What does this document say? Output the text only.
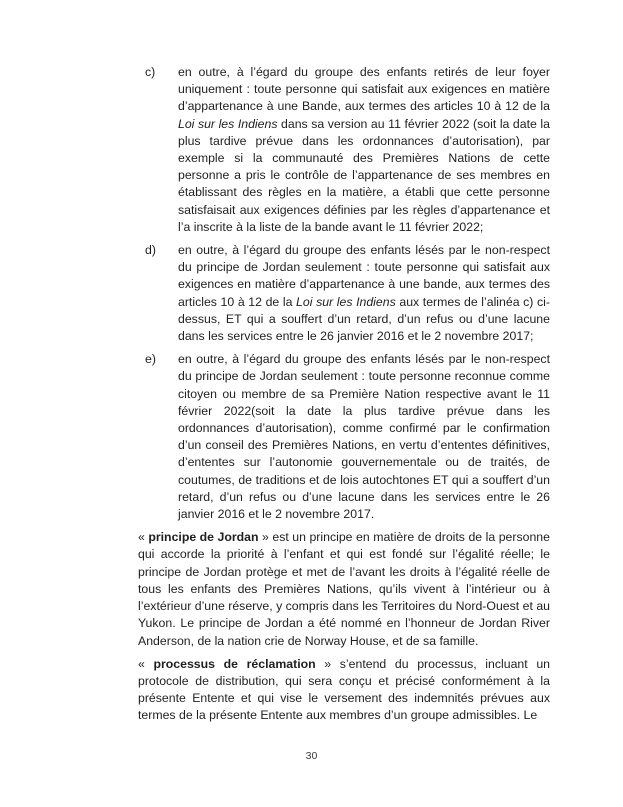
c)	en outre, à l’égard du groupe des enfants retirés de leur foyer uniquement : toute personne qui satisfait aux exigences en matière d’appartenance à une Bande, aux termes des articles 10 à 12 de la Loi sur les Indiens dans sa version au 11 février 2022 (soit la date la plus tardive prévue dans les ordonnances d’autorisation), par exemple si la communauté des Premières Nations de cette personne a pris le contrôle de l’appartenance de ses membres en établissant des règles en la matière, a établi que cette personne satisfaisait aux exigences définies par les règles d’appartenance et l’a inscrite à la liste de la bande avant le 11 février 2022;
d)	en outre, à l’égard du groupe des enfants lésés par le non-respect du principe de Jordan seulement : toute personne qui satisfait aux exigences en matière d’appartenance à une bande, aux termes des articles 10 à 12 de la Loi sur les Indiens aux termes de l’alinéa c) ci-dessus, ET qui a souffert d’un retard, d’un refus ou d’une lacune dans les services entre le 26 janvier 2016 et le 2 novembre 2017;
e)	en outre, à l’égard du groupe des enfants lésés par le non-respect du principe de Jordan seulement : toute personne reconnue comme citoyen ou membre de sa Première Nation respective avant le 11 février 2022(soit la date la plus tardive prévue dans les ordonnances d’autorisation), comme confirmé par le confirmation d’un conseil des Premières Nations, en vertu d’ententes définitives, d’ententes sur l’autonomie gouvernementale ou de traités, de coutumes, de traditions et de lois autochtones ET qui a souffert d’un retard, d’un refus ou d’une lacune dans les services entre le 26 janvier 2016 et le 2 novembre 2017.

« principe de Jordan » est un principe en matière de droits de la personne qui accorde la priorité à l’enfant et qui est fondé sur l’égalité réelle; le principe de Jordan protège et met de l’avant les droits à l’égalité réelle de tous les enfants des Premières Nations, qu’ils vivent à l’intérieur ou à l’extérieur d’une réserve, y compris dans les Territoires du Nord-Ouest et au Yukon. Le principe de Jordan a été nommé en l’honneur de Jordan River Anderson, de la nation crie de Norway House, et de sa famille.

« processus de réclamation » s’entend du processus, incluant un protocole de distribution, qui sera conçu et précisé conformément à la présente Entente et qui vise le versement des indemnités prévues aux termes de la présente Entente aux membres d’un groupe admissibles. Le

30
